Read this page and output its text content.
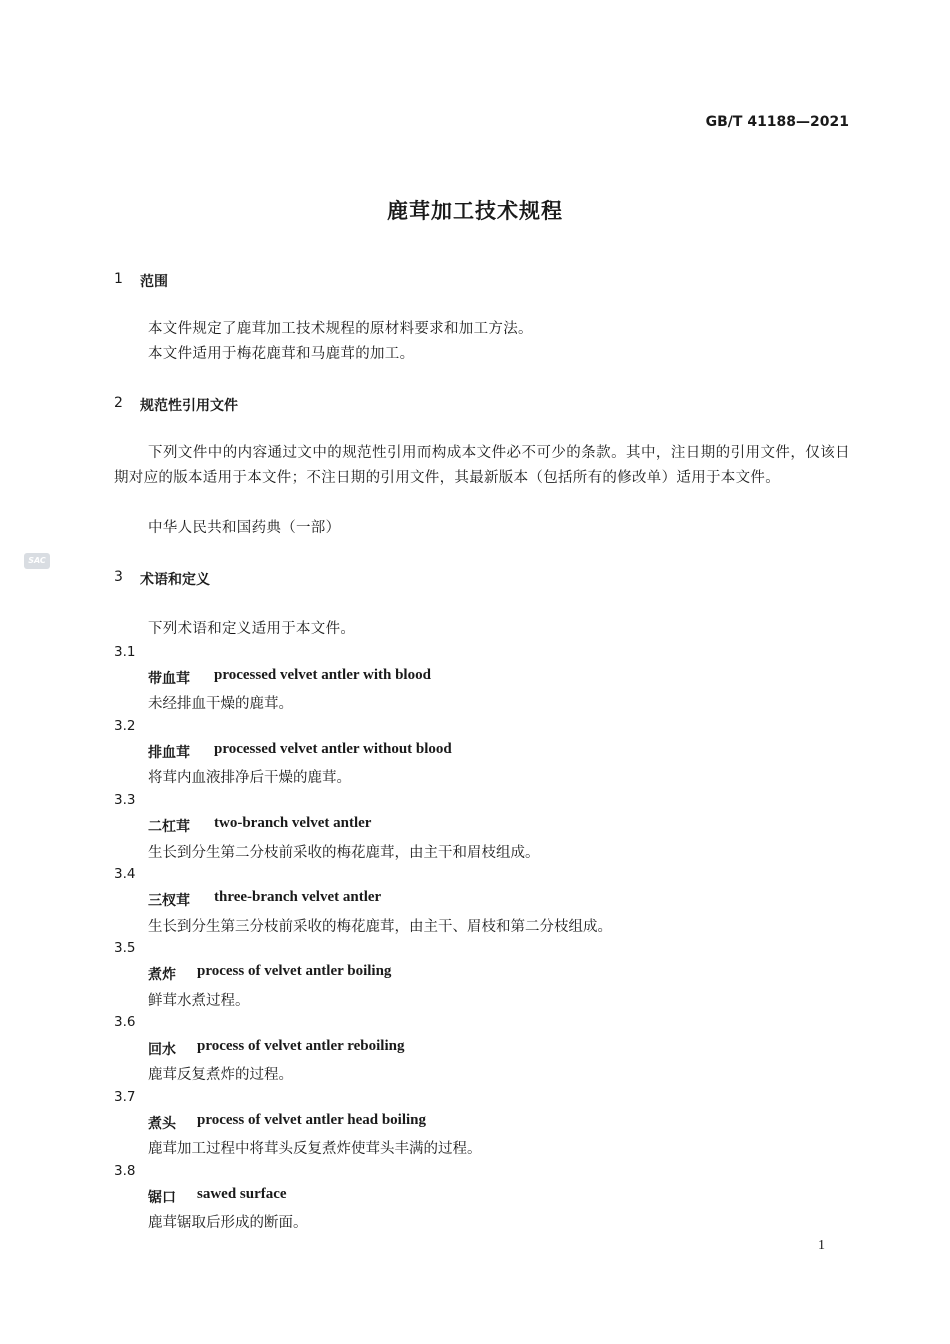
GB/T 41188—2021
鹿茸加工技术规程
SAC
1 范围
本文件规定了鹿茸加工技术规程的原材料要求和加工方法。
本文件适用于梅花鹿茸和马鹿茸的加工。
2 规范性引用文件
下列文件中的内容通过文中的规范性引用而构成本文件必不可少的条款。其中，注日期的引用文件，仅该日期对应的版本适用于本文件；不注日期的引用文件，其最新版本（包括所有的修改单）适用于本文件。
中华人民共和国药典（一部）
3 术语和定义
下列术语和定义适用于本文件。
3.1
带血茸 processed velvet antler with blood
未经排血干燥的鹿茸。
3.2
排血茸 processed velvet antler without blood
将茸内血液排净后干燥的鹿茸。
3.3
二杠茸 two-branch velvet antler
生长到分生第二分枝前采收的梅花鹿茸，由主干和眉枝组成。
3.4
三杈茸 three-branch velvet antler
生长到分生第三分枝前采收的梅花鹿茸，由主干、眉枝和第二分枝组成。
3.5
煮炸 process of velvet antler boiling
鲜茸水煮过程。
3.6
回水 process of velvet antler reboiling
鹿茸反复煮炸的过程。
3.7
煮头 process of velvet antler head boiling
鹿茸加工过程中将茸头反复煮炸使茸头丰满的过程。
3.8
锯口 sawed surface
鹿茸锯取后形成的断面。
1
